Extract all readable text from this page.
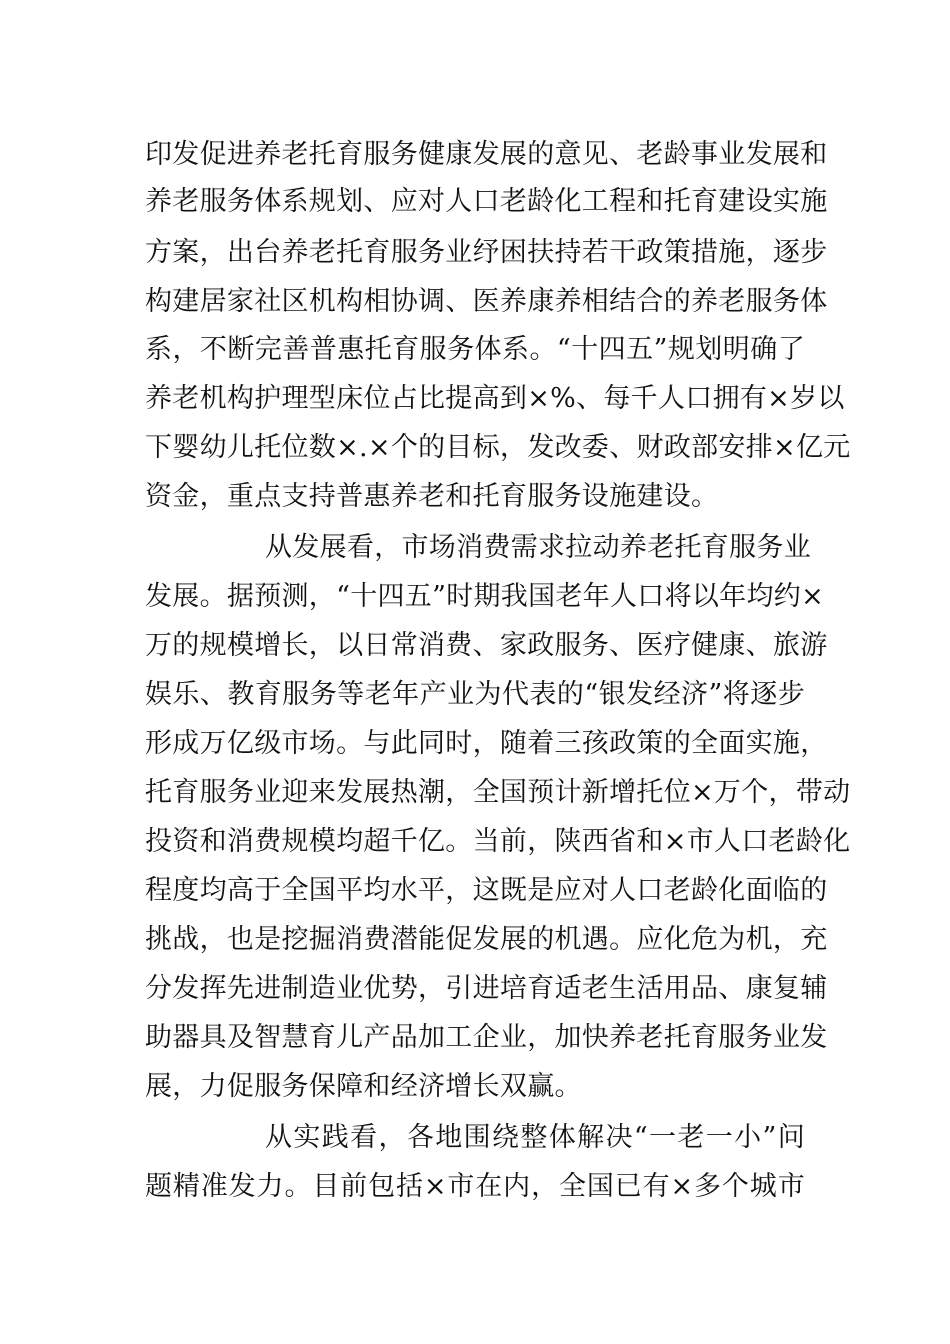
印发促进养老托育服务健康发展的意见、老龄事业发展和
养老服务体系规划、应对人口老龄化工程和托育建设实施
方案，出台养老托育服务业纾困扶持若干政策措施，逐步
构建居家社区机构相协调、医养康养相结合的养老服务体
系，不断完善普惠托育服务体系。“十四五”规划明确了
养老机构护理型床位占比提高到×%、每千人口拥有×岁以
下婴幼儿托位数×.×个的目标，发改委、财政部安排×亿元
资金，重点支持普惠养老和托育服务设施建设。
从发展看，市场消费需求拉动养老托育服务业
发展。据预测，“十四五”时期我国老年人口将以年均约×
万的规模增长，以日常消费、家政服务、医疗健康、旅游
娱乐、教育服务等老年产业为代表的“银发经济”将逐步
形成万亿级市场。与此同时，随着三孩政策的全面实施，
托育服务业迎来发展热潮，全国预计新增托位×万个，带动
投资和消费规模均超千亿。当前，陕西省和×市人口老龄化
程度均高于全国平均水平，这既是应对人口老龄化面临的
挑战，也是挖掘消费潜能促发展的机遇。应化危为机，充
分发挥先进制造业优势，引进培育适老生活用品、康复辅
助器具及智慧育儿产品加工企业，加快养老托育服务业发
展，力促服务保障和经济增长双赢。
从实践看，各地围绕整体解决“一老一小”问
题精准发力。目前包括×市在内，全国已有×多个城市
